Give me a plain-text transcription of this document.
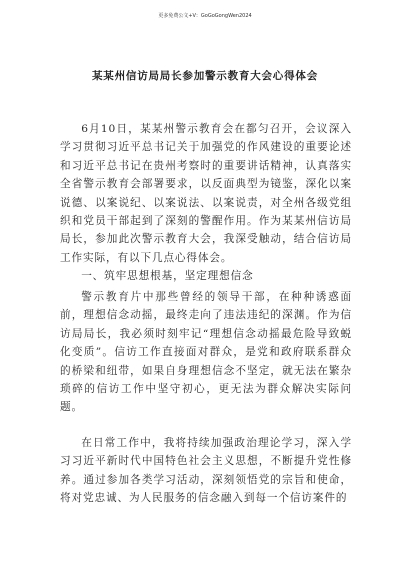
更多免费公文+V：GoGoGongWen2024
某某州信访局局长参加警示教育大会心得体会

6月10日，某某州警示教育会在都匀召开，会议深入学习贯彻习近平总书记关于加强党的作风建设的重要论述和习近平总书记在贵州考察时的重要讲话精神，认真落实全省警示教育会部署要求，以反面典型为镜鉴，深化以案说德、以案说纪、以案说法、以案说责，对全州各级党组织和党员干部起到了深刻的警醒作用。作为某某州信访局局长，参加此次警示教育大会，我深受触动，结合信访局工作实际，有以下几点心得体会。

一、筑牢思想根基，坚定理想信念

警示教育片中那些曾经的领导干部，在种种诱惑面前，理想信念动摇，最终走向了违法违纪的深渊。作为信访局局长，我必须时刻牢记“理想信念动摇最危险导致蜕化变质”。信访工作直接面对群众，是党和政府联系群众的桥梁和纽带，如果自身理想信念不坚定，就无法在繁杂琐碎的信访工作中坚守初心，更无法为群众解决实际问题。

在日常工作中，我将持续加强政治理论学习，深入学习习近平新时代中国特色社会主义思想，不断提升党性修养。通过参加各类学习活动，深刻领悟党的宗旨和使命，将对党忠诚、为人民服务的信念融入到每一个信访案件的
